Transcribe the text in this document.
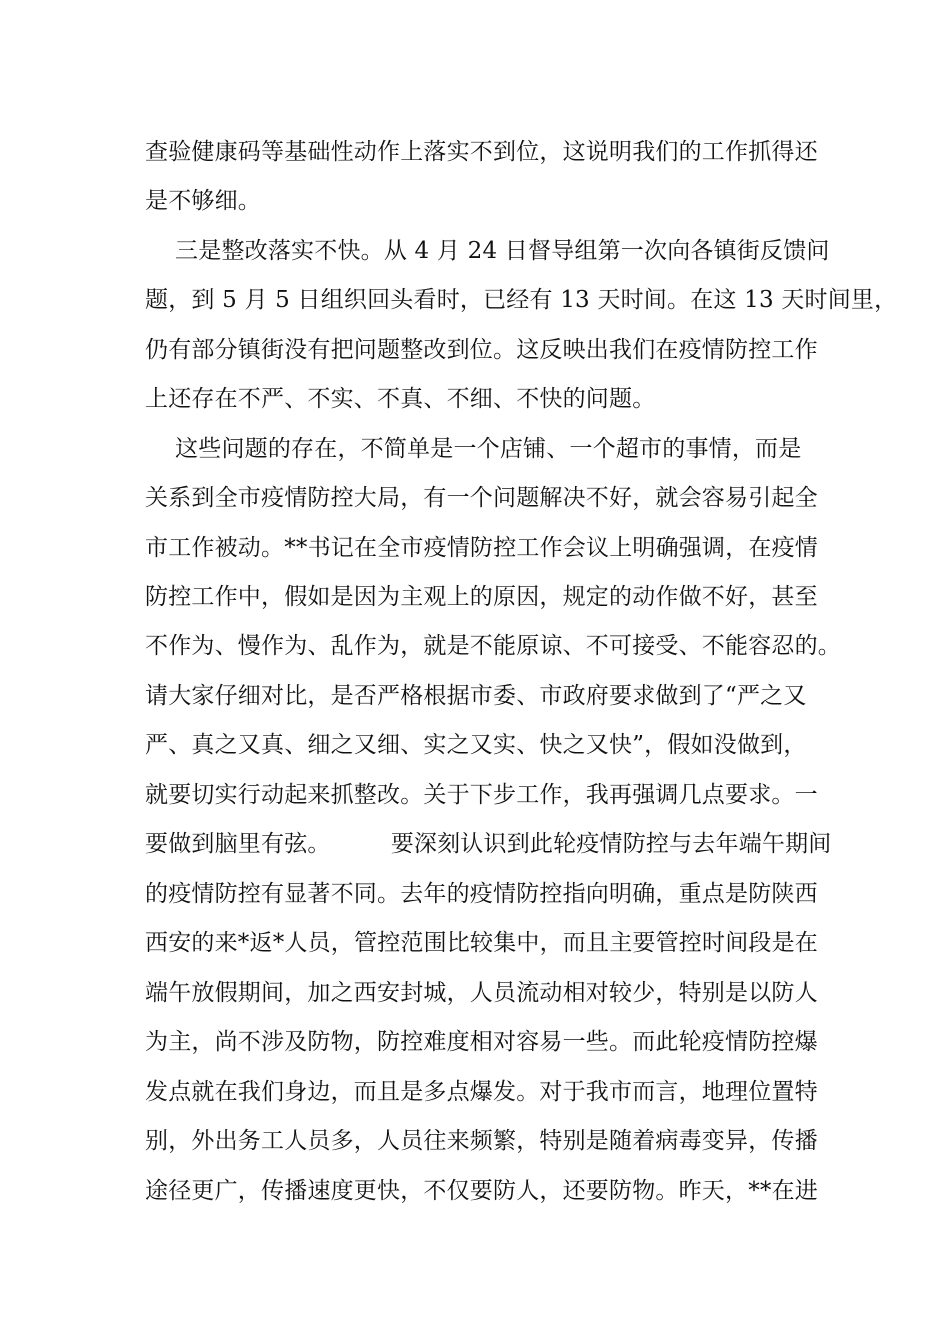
查验健康码等基础性动作上落实不到位，这说明我们的工作抓得还
是不够细。
三是整改落实不快。从 4 月 24 日督导组第一次向各镇街反馈问
题，到 5 月 5 日组织回头看时，已经有 13 天时间。在这 13 天时间里，
仍有部分镇街没有把问题整改到位。这反映出我们在疫情防控工作
上还存在不严、不实、不真、不细、不快的问题。
这些问题的存在，不简单是一个店铺、一个超市的事情，而是
关系到全市疫情防控大局，有一个问题解决不好，就会容易引起全
市工作被动。**书记在全市疫情防控工作会议上明确强调，在疫情
防控工作中，假如是因为主观上的原因，规定的动作做不好，甚至
不作为、慢作为、乱作为，就是不能原谅、不可接受、不能容忍的。
请大家仔细对比，是否严格根据市委、市政府要求做到了“严之又
严、真之又真、细之又细、实之又实、快之又快”，假如没做到，
就要切实行动起来抓整改。关于下步工作，我再强调几点要求。一
要做到脑里有弦。        要深刻认识到此轮疫情防控与去年端午期间
的疫情防控有显著不同。去年的疫情防控指向明确，重点是防陕西
西安的来*返*人员，管控范围比较集中，而且主要管控时间段是在
端午放假期间，加之西安封城，人员流动相对较少，特别是以防人
为主，尚不涉及防物，防控难度相对容易一些。而此轮疫情防控爆
发点就在我们身边，而且是多点爆发。对于我市而言，地理位置特
别，外出务工人员多，人员往来频繁，特别是随着病毒变异，传播
途径更广，传播速度更快，不仅要防人，还要防物。昨天，**在进
